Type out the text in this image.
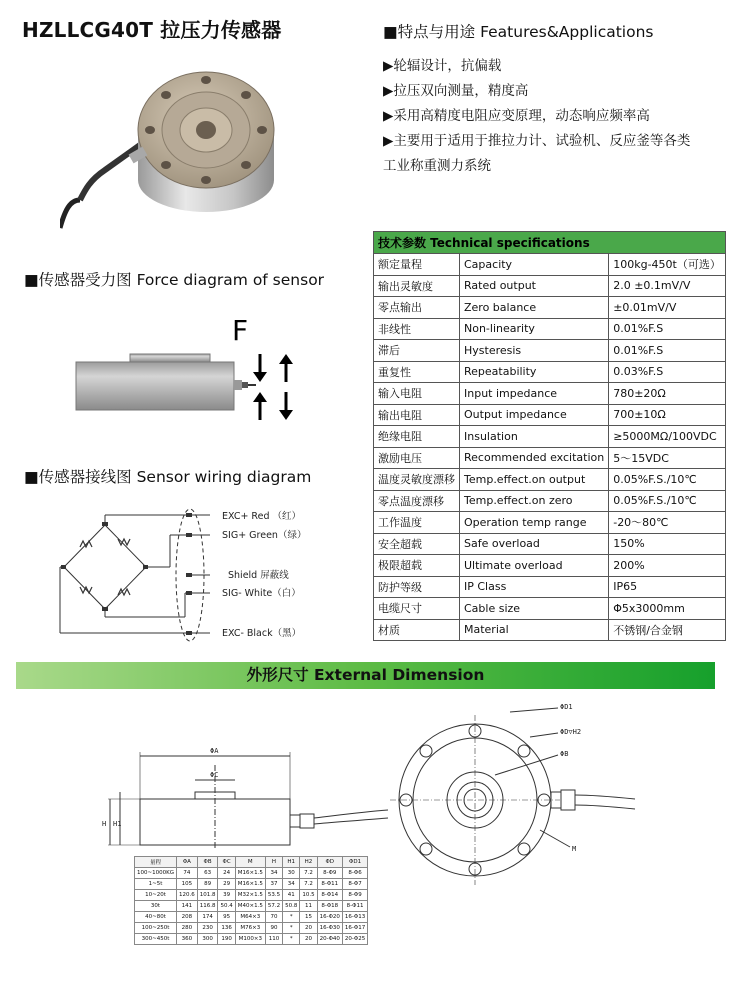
HZLLCG40T 拉压力传感器	■特点与用途 Features&Applications
▶轮辐设计，抗偏载
▶拉压双向测量，精度高
▶采用高精度电阻应变原理，动态响应频率高
▶主要用于适用于推拉力计、试验机、反应釜等各类
工业称重测力系统
■传感器受力图 Force diagram of sensor
F
■传感器接线图 Sensor wiring diagram
EXC+ Red （红）
SIG+ Green（绿）
Shield 屏蔽线
SIG- White（白）
EXC- Black（黑）
技术参数 Technical specifications		
额定量程	Capacity	100kg-450t（可选）
输出灵敏度	Rated output	2.0 ±0.1mV/V
零点输出	Zero balance	±0.01mV/V
非线性	Non-linearity	0.01%F.S
滞后	Hysteresis	0.01%F.S
重复性	Repeatability	0.03%F.S
输入电阻	Input impedance	780±20Ω
输出电阻	Output impedance	700±10Ω
绝缘电阻	Insulation	≥5000MΩ/100VDC
激励电压	Recommended excitation	5～15VDC
温度灵敏度漂移	Temp.effect.on output	0.05%F.S./10℃
零点温度漂移	Temp.effect.on zero	0.05%F.S./10℃
工作温度	Operation temp range	-20～80℃
安全超载	Safe overload	150%
极限超载	Ultimate overload	200%
防护等级	IP Class	IP65
电缆尺寸	Cable size	Φ5x3000mm
材质	Material	不锈钢/合金钢
外形尺寸 External Dimension
ΦA
ΦC
H H1
ΦD1
ΦD▽H2
ΦB
M
量程	ΦA	ΦB	ΦC	M	H	H1	H2	ΦD	ΦD1
100~1000KG	74	63	24	M16×1.5	34	30	7.2	8-Φ9	8-Φ6
1~5t	105	89	29	M16×1.5	37	34	7.2	8-Φ11	8-Φ7
10~20t	120.6	101.8	39	M32×1.5	53.5	41	10.5	8-Φ14	8-Φ9
30t	141	116.8	50.4	M40×1.5	57.2	50.8	11	8-Φ18	8-Φ11
40~80t	208	174	95	M64×3	70	*	15	16-Φ20	16-Φ13
100~250t	280	230	136	M76×3	90	*	20	16-Φ30	16-Φ17
300~450t	360	300	190	M100×3	110	*	20	20-Φ40	20-Φ25
